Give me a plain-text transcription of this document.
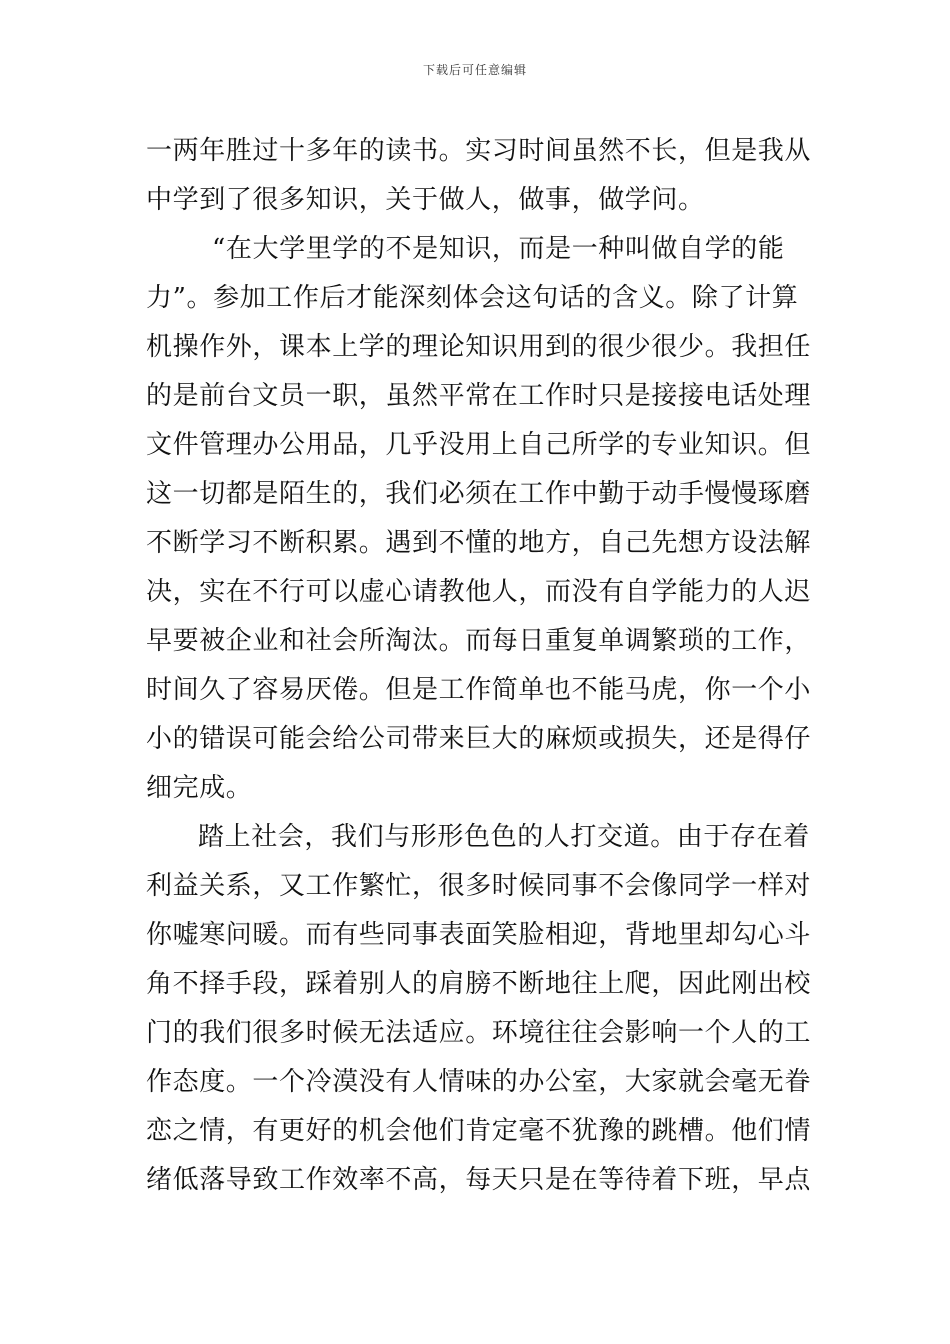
下载后可任意编辑
一两年胜过十多年的读书。实习时间虽然不长，但是我从
中学到了很多知识，关于做人，做事，做学问。
“在大学里学的不是知识，而是一种叫做自学的能
力”。参加工作后才能深刻体会这句话的含义。除了计算
机操作外，课本上学的理论知识用到的很少很少。我担任
的是前台文员一职，虽然平常在工作时只是接接电话处理
文件管理办公用品，几乎没用上自己所学的专业知识。但
这一切都是陌生的，我们必须在工作中勤于动手慢慢琢磨
不断学习不断积累。遇到不懂的地方，自己先想方设法解
决，实在不行可以虚心请教他人，而没有自学能力的人迟
早要被企业和社会所淘汰。而每日重复单调繁琐的工作，
时间久了容易厌倦。但是工作简单也不能马虎，你一个小
小的错误可能会给公司带来巨大的麻烦或损失，还是得仔
细完成。
踏上社会，我们与形形色色的人打交道。由于存在着
利益关系，又工作繁忙，很多时候同事不会像同学一样对
你嘘寒问暖。而有些同事表面笑脸相迎，背地里却勾心斗
角不择手段，踩着别人的肩膀不断地往上爬，因此刚出校
门的我们很多时候无法适应。环境往往会影响一个人的工
作态度。一个冷漠没有人情味的办公室，大家就会毫无眷
恋之情，有更好的机会他们肯定毫不犹豫的跳槽。他们情
绪低落导致工作效率不高，每天只是在等待着下班，早点
